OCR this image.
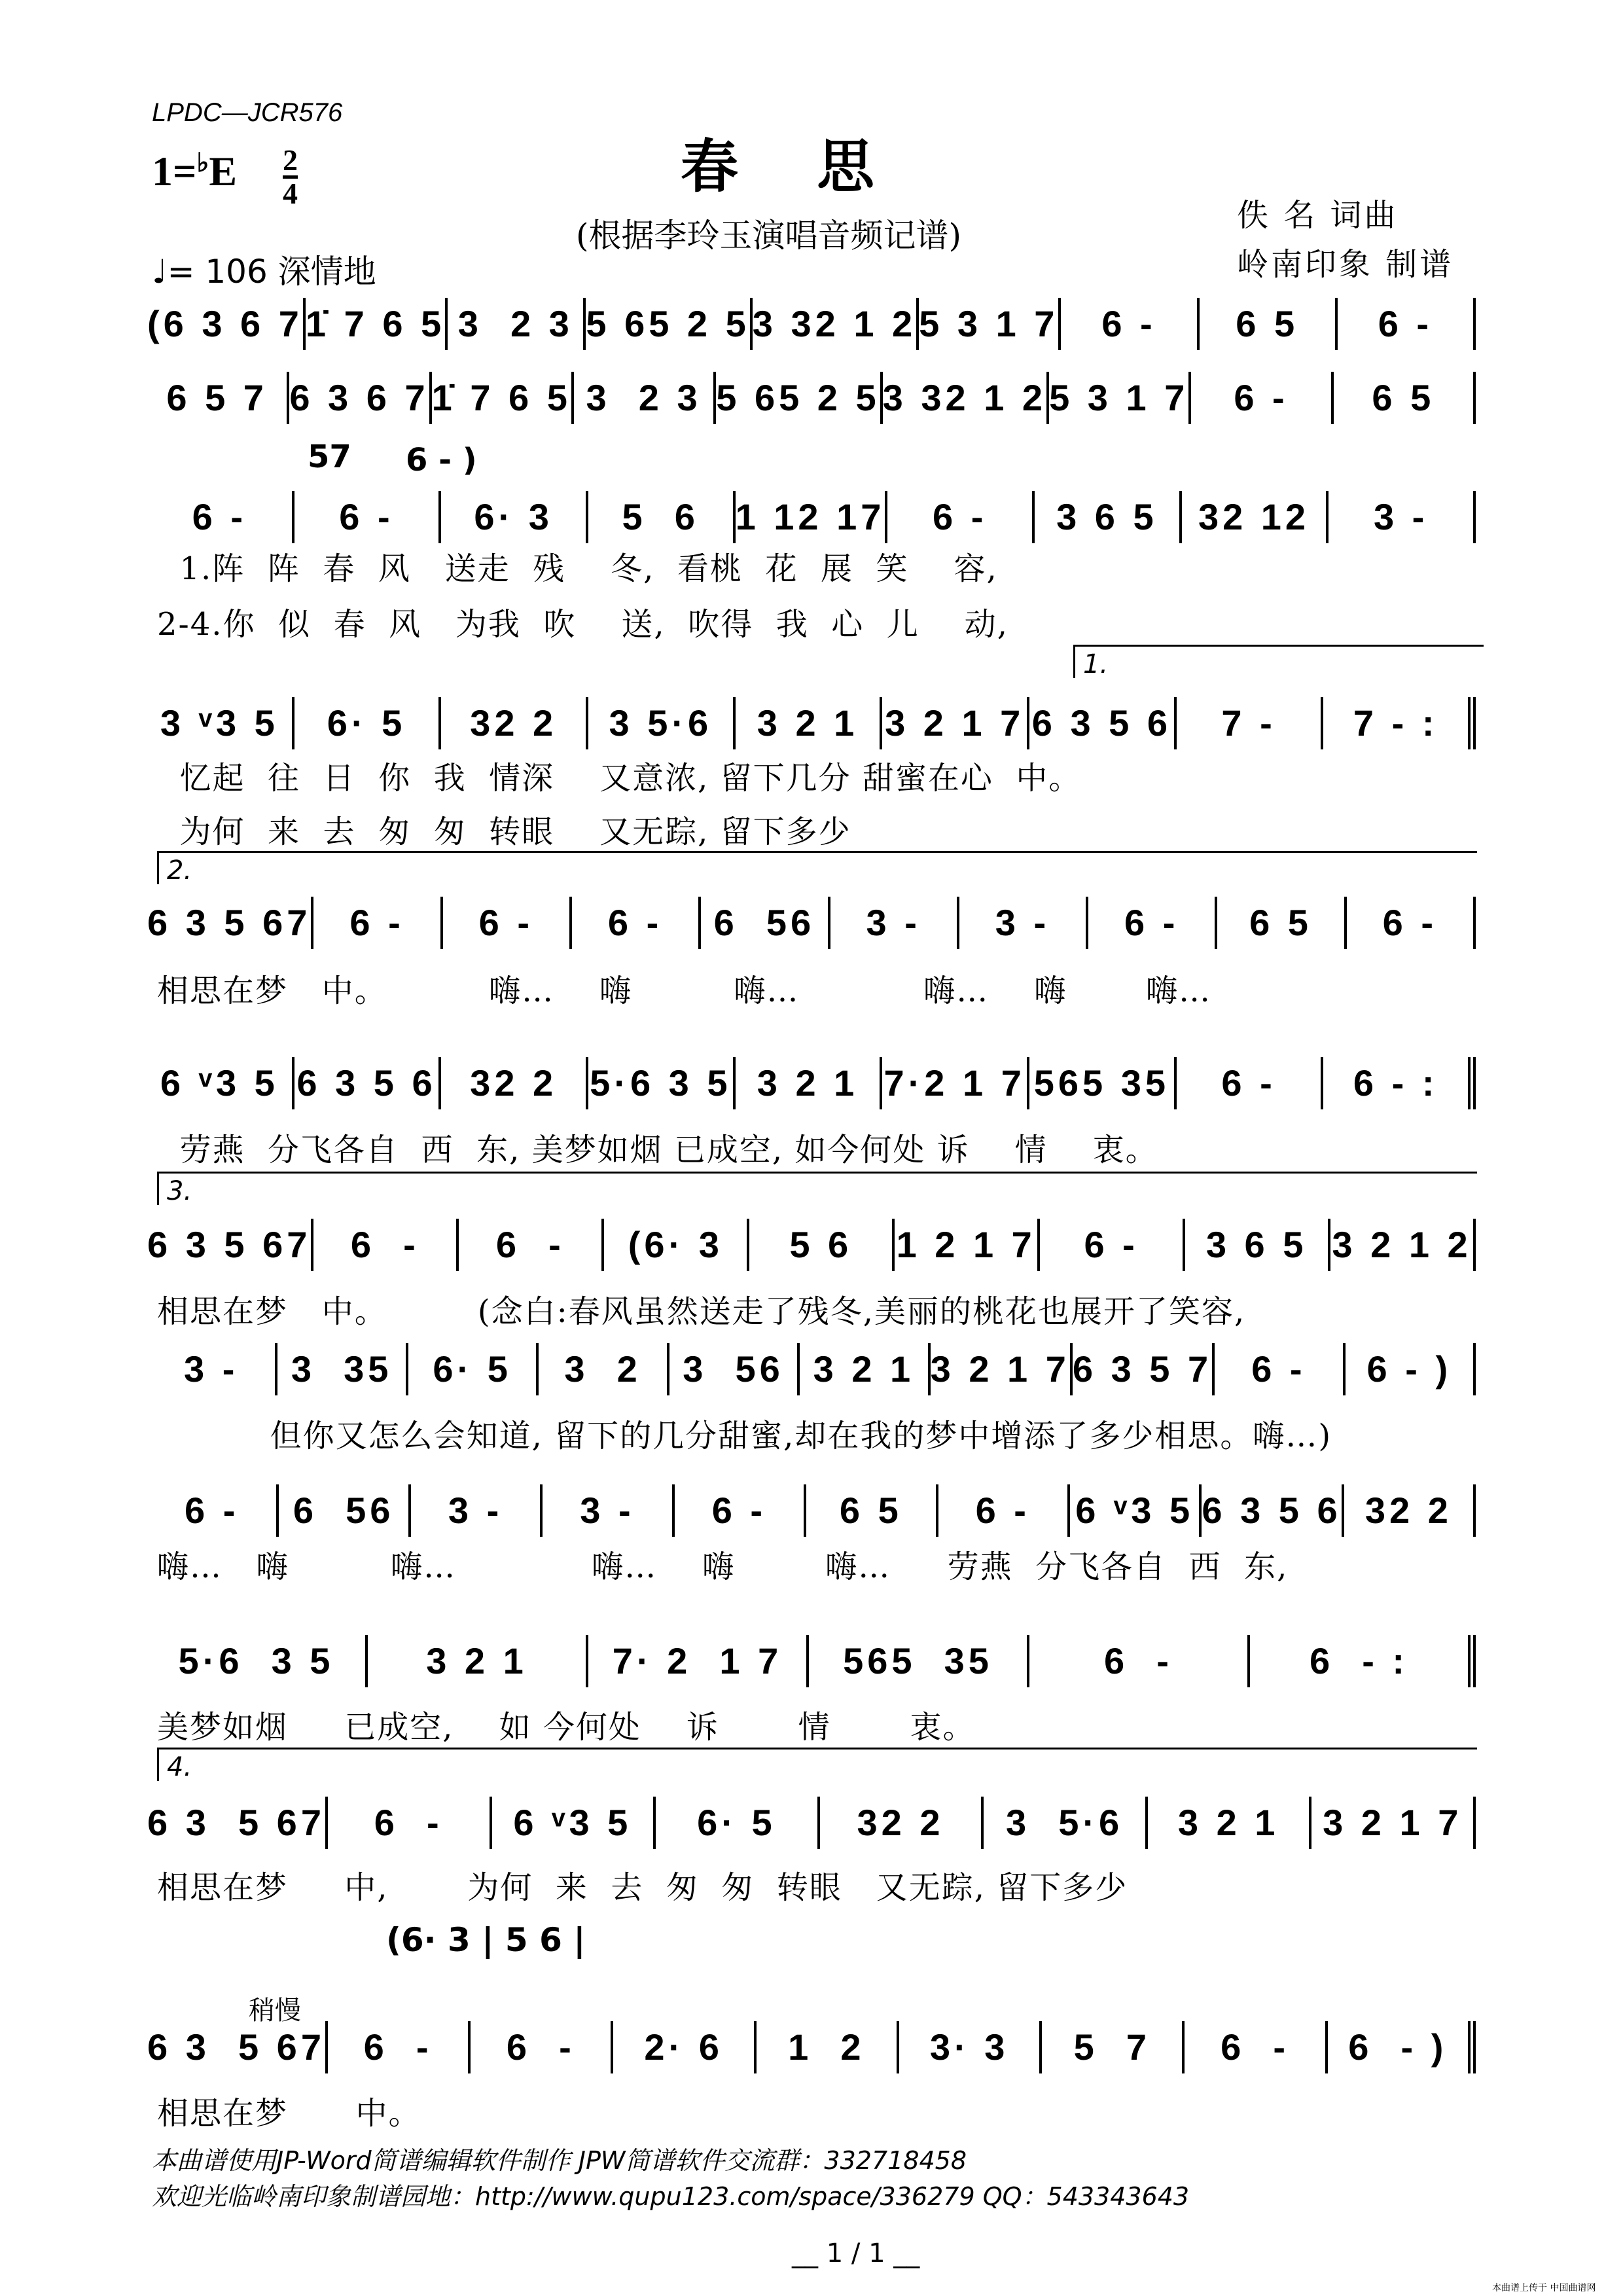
LPDC—JCR576
1=♭E 2
4
♩= 106 深情地
春思
(根据李玲玉演唱音频记谱)
佚 名 词曲
岭南印象 制谱
(6 3 6 7 1̇ 7 6 5 3  2 3 5 65 2 5 3 32 1 2 5 3 1 7	6 -	6 5	6 -
6 5 7 6 3 6 7 1̇ 7 6 5 3  2 3 5 65 2 5 3 32 1 2 5 3 1 7	6 -	6 5
6 -	6 -	6· 3	5  6 1 12 17	6 -	3 6 5	32 12	3 -
3 ᵛ3 5	6· 5	32 2	3 5·6	3 2 1 3 2 1 7 6 3 5 6	7 -	7 - :
6 3 5 67	6 -	6 -	6 -	6  56	3 -	3 -	6 -	6 5	6 -
6 ᵛ3 5 6 3 5 6 32 2 5·6 3 5 3 2 1 7·2 1 7 565 35	6 -	6 - :
6 3 5 67	6  -	6  -	(6· 3	5 6	1 2 1 7	6 -	3 6 5 3 2 1 2
3 -	3  35	6· 5	3  2	3  56 3 2 1 3 2 1 7 6 3 5 7	6 -	6 - )
6 -	6  56	3 -	3 -	6 -	6 5	6 -	6 ᵛ3 5 6 3 5 6 32 2
5·6  3 5	3 2 1	7· 2  1 7	565  35	6  -	6  - :
6 3  5 67	6  -	6 ᵛ3 5	6· 5	32 2	3  5·6	3 2 1	3 2 1 7
6 3  5 67	6  -	6  -	2· 6	1  2	3· 3	5  7	6  -	6  - )
1.阵  阵  春  风   送走  残    冬,  看桃  花  展  笑    容,
2-4.你  似  春  风   为我  吹    送,  吹得  我  心  儿    动,
忆起  往  日  你  我  情深    又意浓, 留下几分 甜蜜在心  中。
为何  来  去  匆  匆  转眼    又无踪, 留下多少
相思在梦   中。         嗨…    嗨         嗨…           嗨…    嗨       嗨…
劳燕  分飞各自  西  东, 美梦如烟 已成空, 如今何处 诉    情    衷。
相思在梦   中。        (念白:春风虽然送走了残冬,美丽的桃花也展开了笑容,
但你又怎么会知道, 留下的几分甜蜜,却在我的梦中增添了多少相思。嗨…)
嗨…   嗨         嗨…            嗨…    嗨        嗨…     劳燕  分飞各自  西  东,
美梦如烟     已成空,    如 今何处    诉       情       衷。
相思在梦     中,       为何  来  去  匆  匆  转眼   又无踪, 留下多少
相思在梦      中。
57 6 - )
(6· 3 | 5 6 |
稍慢
1.
2.
3.
4.
本曲谱使用JP-Word简谱编辑软件制作 JPW简谱软件交流群：332718458
欢迎光临岭南印象制谱园地：http://www.qupu123.com/space/336279 QQ：543343643
__ 1 / 1 __
本曲谱上传于 中国曲谱网
